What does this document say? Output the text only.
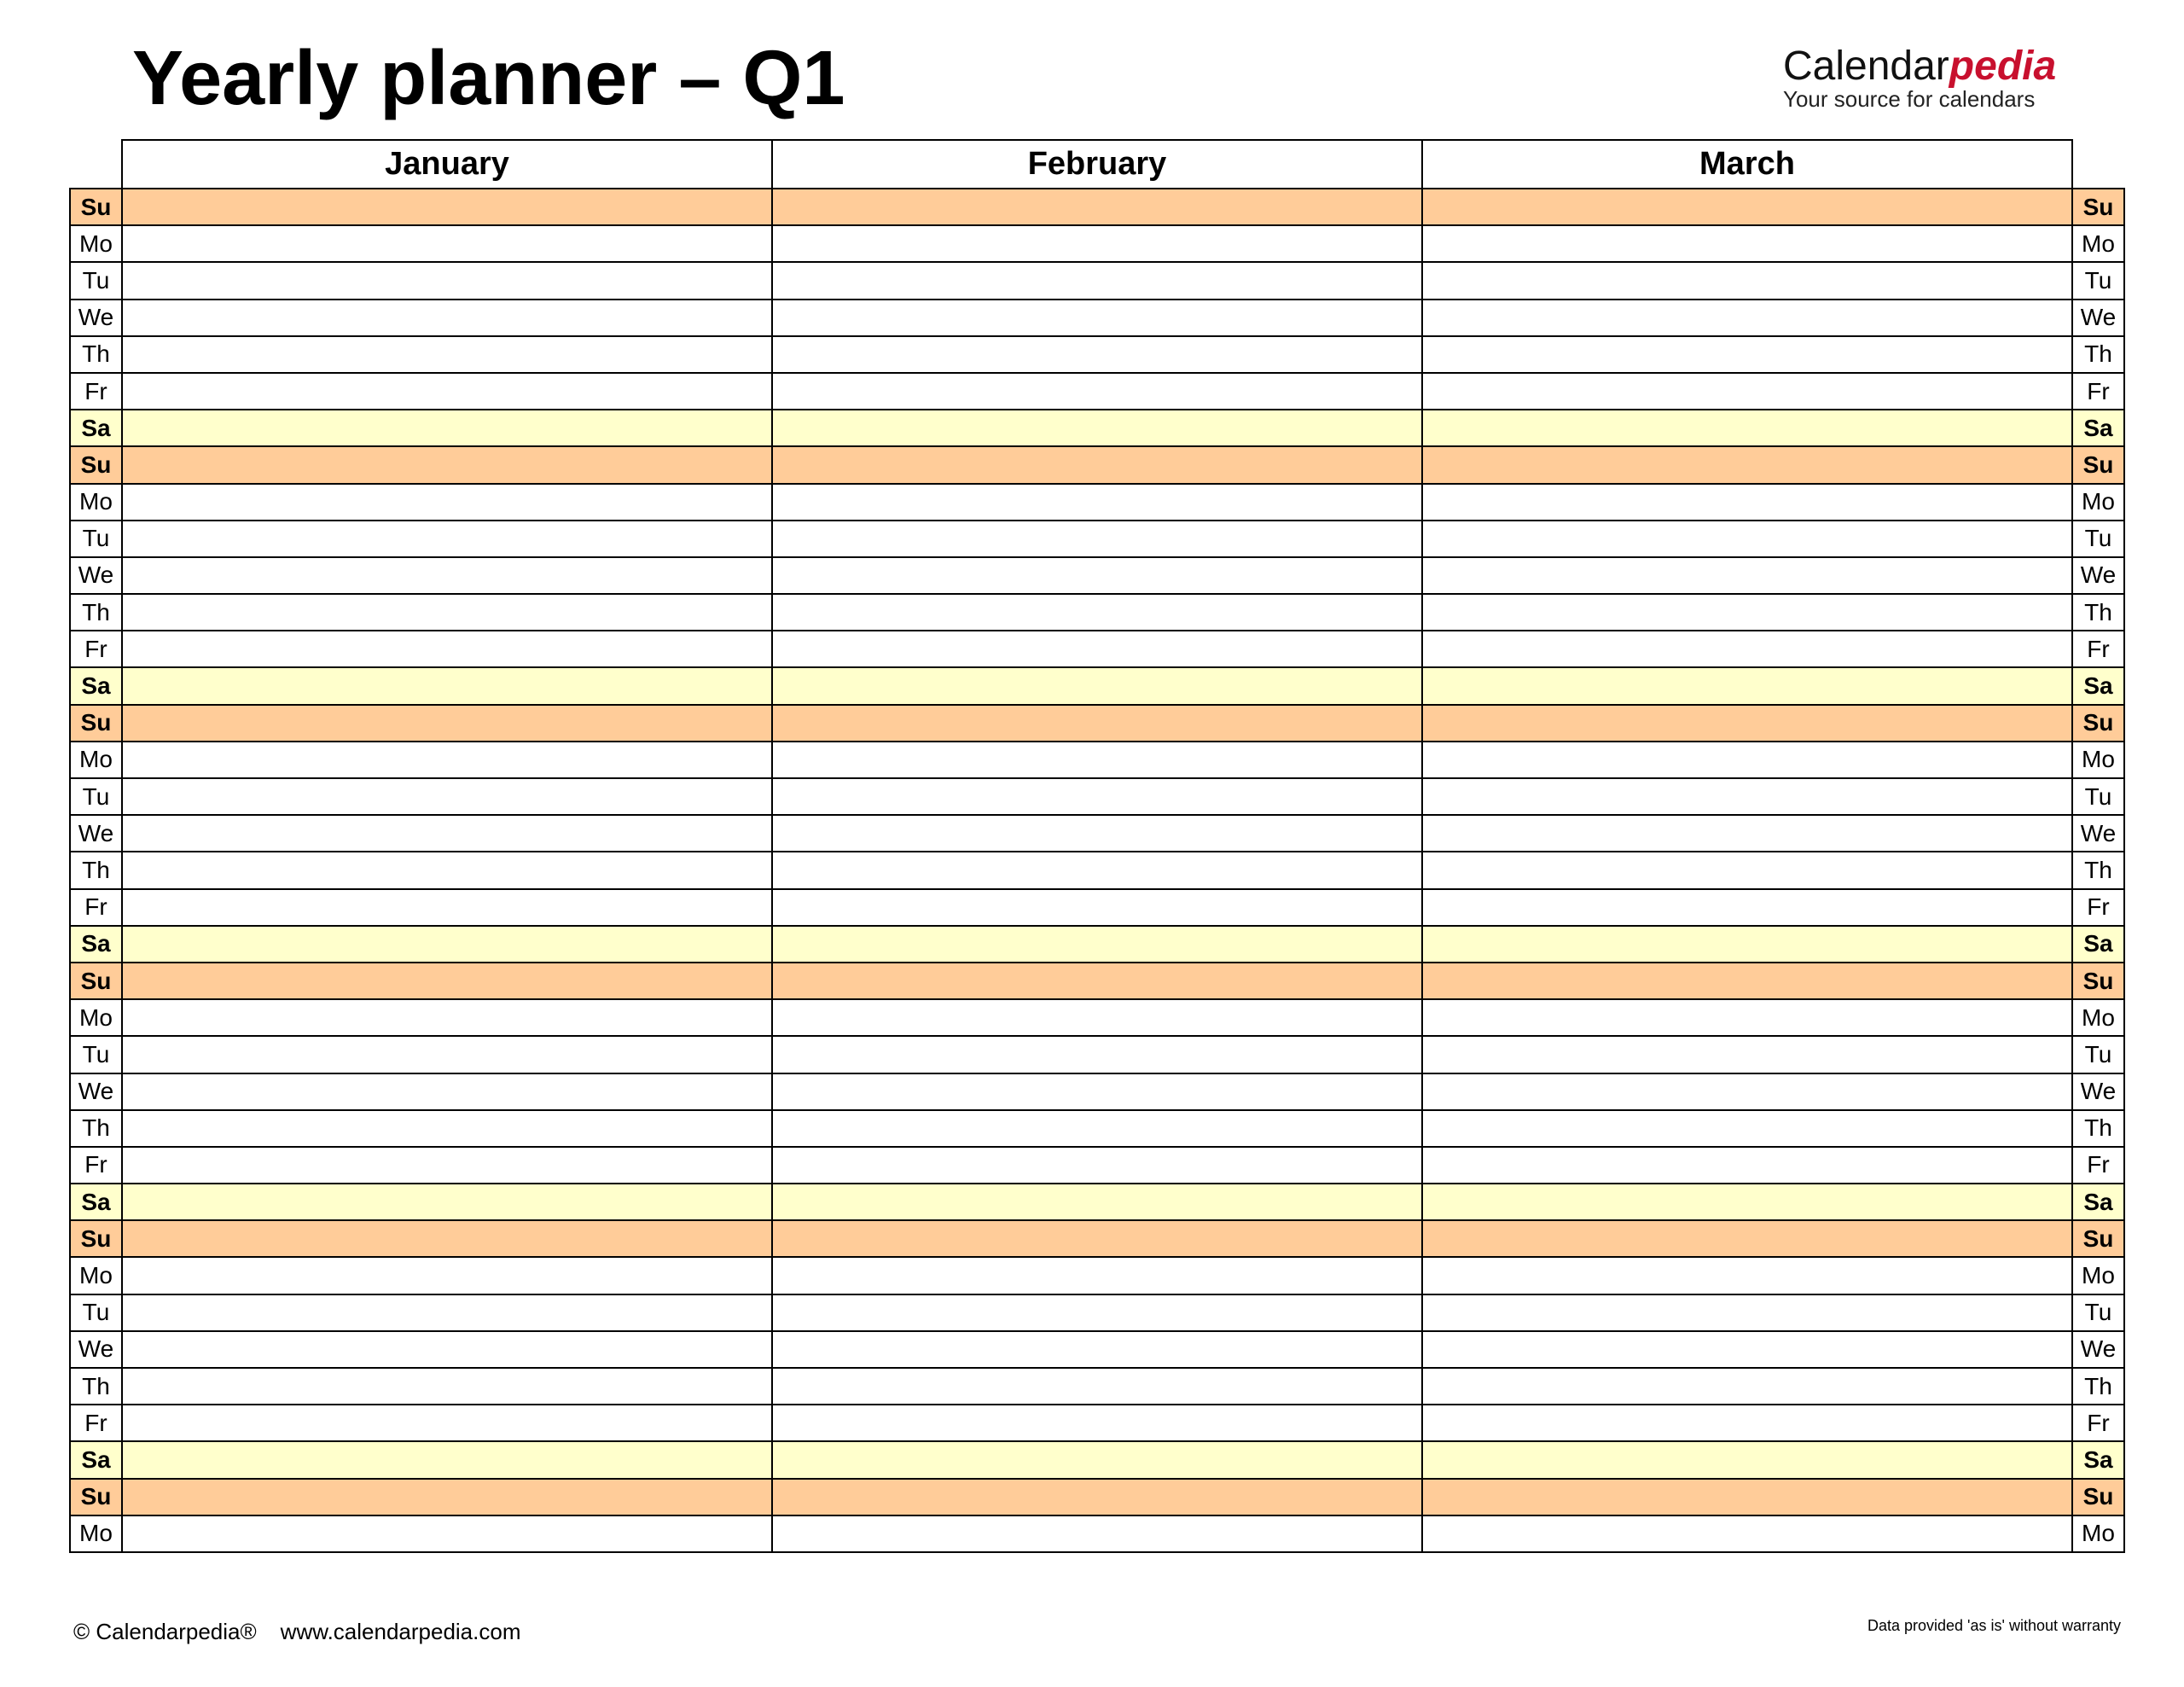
Yearly planner – Q1	Calendarpedia
Your source for calendars
	January	February	March	
Su				Su
Mo				Mo
Tu				Tu
We				We
Th				Th
Fr				Fr
Sa				Sa
Su				Su
Mo				Mo
Tu				Tu
We				We
Th				Th
Fr				Fr
Sa				Sa
Su				Su
Mo				Mo
Tu				Tu
We				We
Th				Th
Fr				Fr
Sa				Sa
Su				Su
Mo				Mo
Tu				Tu
We				We
Th				Th
Fr				Fr
Sa				Sa
Su				Su
Mo				Mo
Tu				Tu
We				We
Th				Th
Fr				Fr
Sa				Sa
Su				Su
Mo				Mo
© Calendarpedia® www.calendarpedia.com	Data provided 'as is' without warranty
